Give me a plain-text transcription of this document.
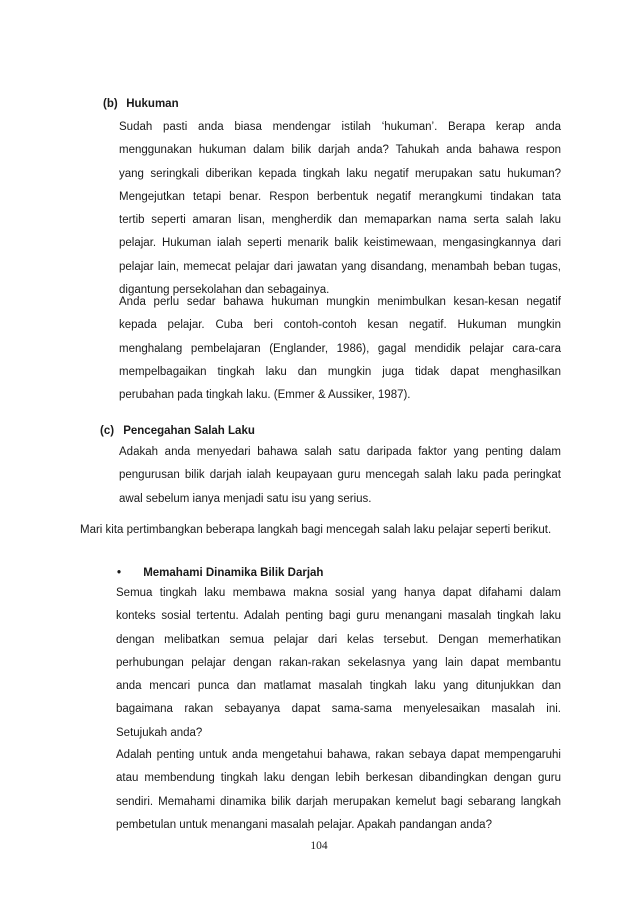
(b) Hukuman
Sudah pasti anda biasa mendengar istilah ‘hukuman’. Berapa kerap anda
menggunakan hukuman dalam bilik darjah anda? Tahukah anda bahawa respon
yang seringkali diberikan kepada tingkah laku negatif merupakan satu hukuman?
Mengejutkan tetapi benar. Respon berbentuk negatif merangkumi tindakan tata
tertib seperti amaran lisan, mengherdik dan memaparkan nama serta salah laku
pelajar. Hukuman ialah seperti menarik balik keistimewaan, mengasingkannya dari
pelajar lain, memecat pelajar dari jawatan yang disandang, menambah beban tugas,
digantung persekolahan dan sebagainya.
Anda perlu sedar bahawa hukuman mungkin menimbulkan kesan-kesan negatif
kepada pelajar. Cuba beri contoh-contoh kesan negatif. Hukuman mungkin
menghalang pembelajaran (Englander, 1986), gagal mendidik pelajar cara-cara
mempelbagaikan tingkah laku dan mungkin juga tidak dapat menghasilkan
perubahan pada tingkah laku. (Emmer & Aussiker, 1987).
(c) Pencegahan Salah Laku
Adakah anda menyedari bahawa salah satu daripada faktor yang penting dalam
pengurusan bilik darjah ialah keupayaan guru mencegah salah laku pada peringkat
awal sebelum ianya menjadi satu isu yang serius.
Mari kita pertimbangkan beberapa langkah bagi mencegah salah laku pelajar seperti berikut.
• Memahami Dinamika Bilik Darjah
Semua tingkah laku membawa makna sosial yang hanya dapat difahami dalam
konteks sosial tertentu. Adalah penting bagi guru menangani masalah tingkah laku
dengan melibatkan semua pelajar dari kelas tersebut. Dengan memerhatikan
perhubungan pelajar dengan rakan-rakan sekelasnya yang lain dapat membantu
anda mencari punca dan matlamat masalah tingkah laku yang ditunjukkan dan
bagaimana rakan sebayanya dapat sama-sama menyelesaikan masalah ini.
Setujukah anda?
Adalah penting untuk anda mengetahui bahawa, rakan sebaya dapat mempengaruhi
atau membendung tingkah laku dengan lebih berkesan dibandingkan dengan guru
sendiri. Memahami dinamika bilik darjah merupakan kemelut bagi sebarang langkah
pembetulan untuk menangani masalah pelajar. Apakah pandangan anda?
104
